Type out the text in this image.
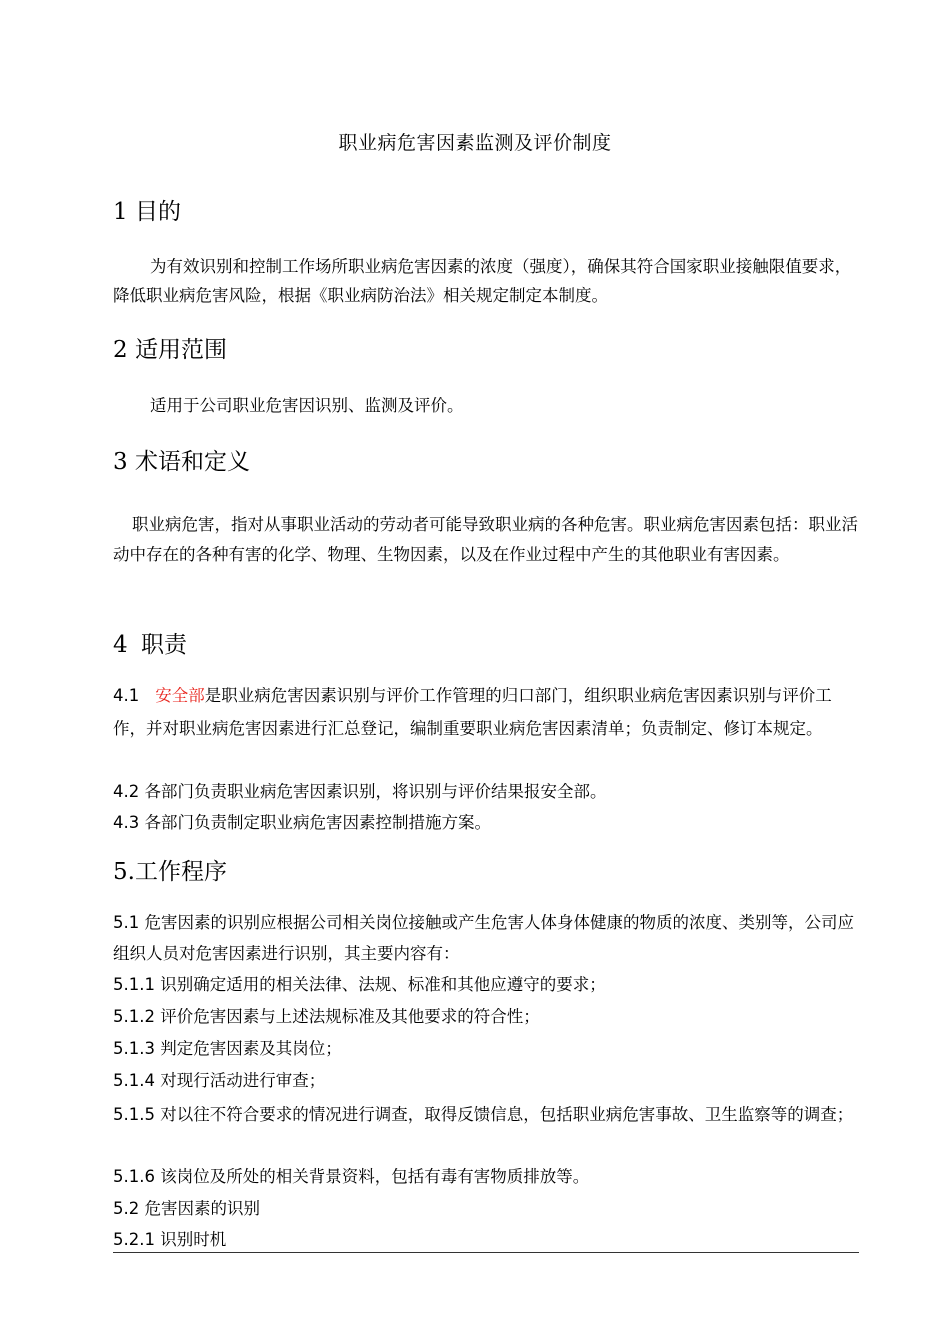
职业病危害因素监测及评价制度
1 目的
为有效识别和控制工作场所职业病危害因素的浓度（强度），确保其符合国家职业接触限值要求，降低职业病危害风险，根据《职业病防治法》相关规定制定本制度。
2 适用范围
适用于公司职业危害因识别、监测及评价。
3 术语和定义
职业病危害，指对从事职业活动的劳动者可能导致职业病的各种危害。职业病危害因素包括：职业活动中存在的各种有害的化学、物理、生物因素，以及在作业过程中产生的其他职业有害因素。
4 职责
4.1 安全部是职业病危害因素识别与评价工作管理的归口部门，组织职业病危害因素识别与评价工作，并对职业病危害因素进行汇总登记，编制重要职业病危害因素清单；负责制定、修订本规定。
4.2 各部门负责职业病危害因素识别，将识别与评价结果报安全部。
4.3 各部门负责制定职业病危害因素控制措施方案。
5.工作程序
5.1 危害因素的识别应根据公司相关岗位接触或产生危害人体身体健康的物质的浓度、类别等，公司应组织人员对危害因素进行识别，其主要内容有：
5.1.1 识别确定适用的相关法律、法规、标准和其他应遵守的要求；
5.1.2 评价危害因素与上述法规标准及其他要求的符合性；
5.1.3 判定危害因素及其岗位；
5.1.4 对现行活动进行审查；
5.1.5 对以往不符合要求的情况进行调查，取得反馈信息，包括职业病危害事故、卫生监察等的调查；
5.1.6 该岗位及所处的相关背景资料，包括有毒有害物质排放等。
5.2 危害因素的识别
5.2.1 识别时机
